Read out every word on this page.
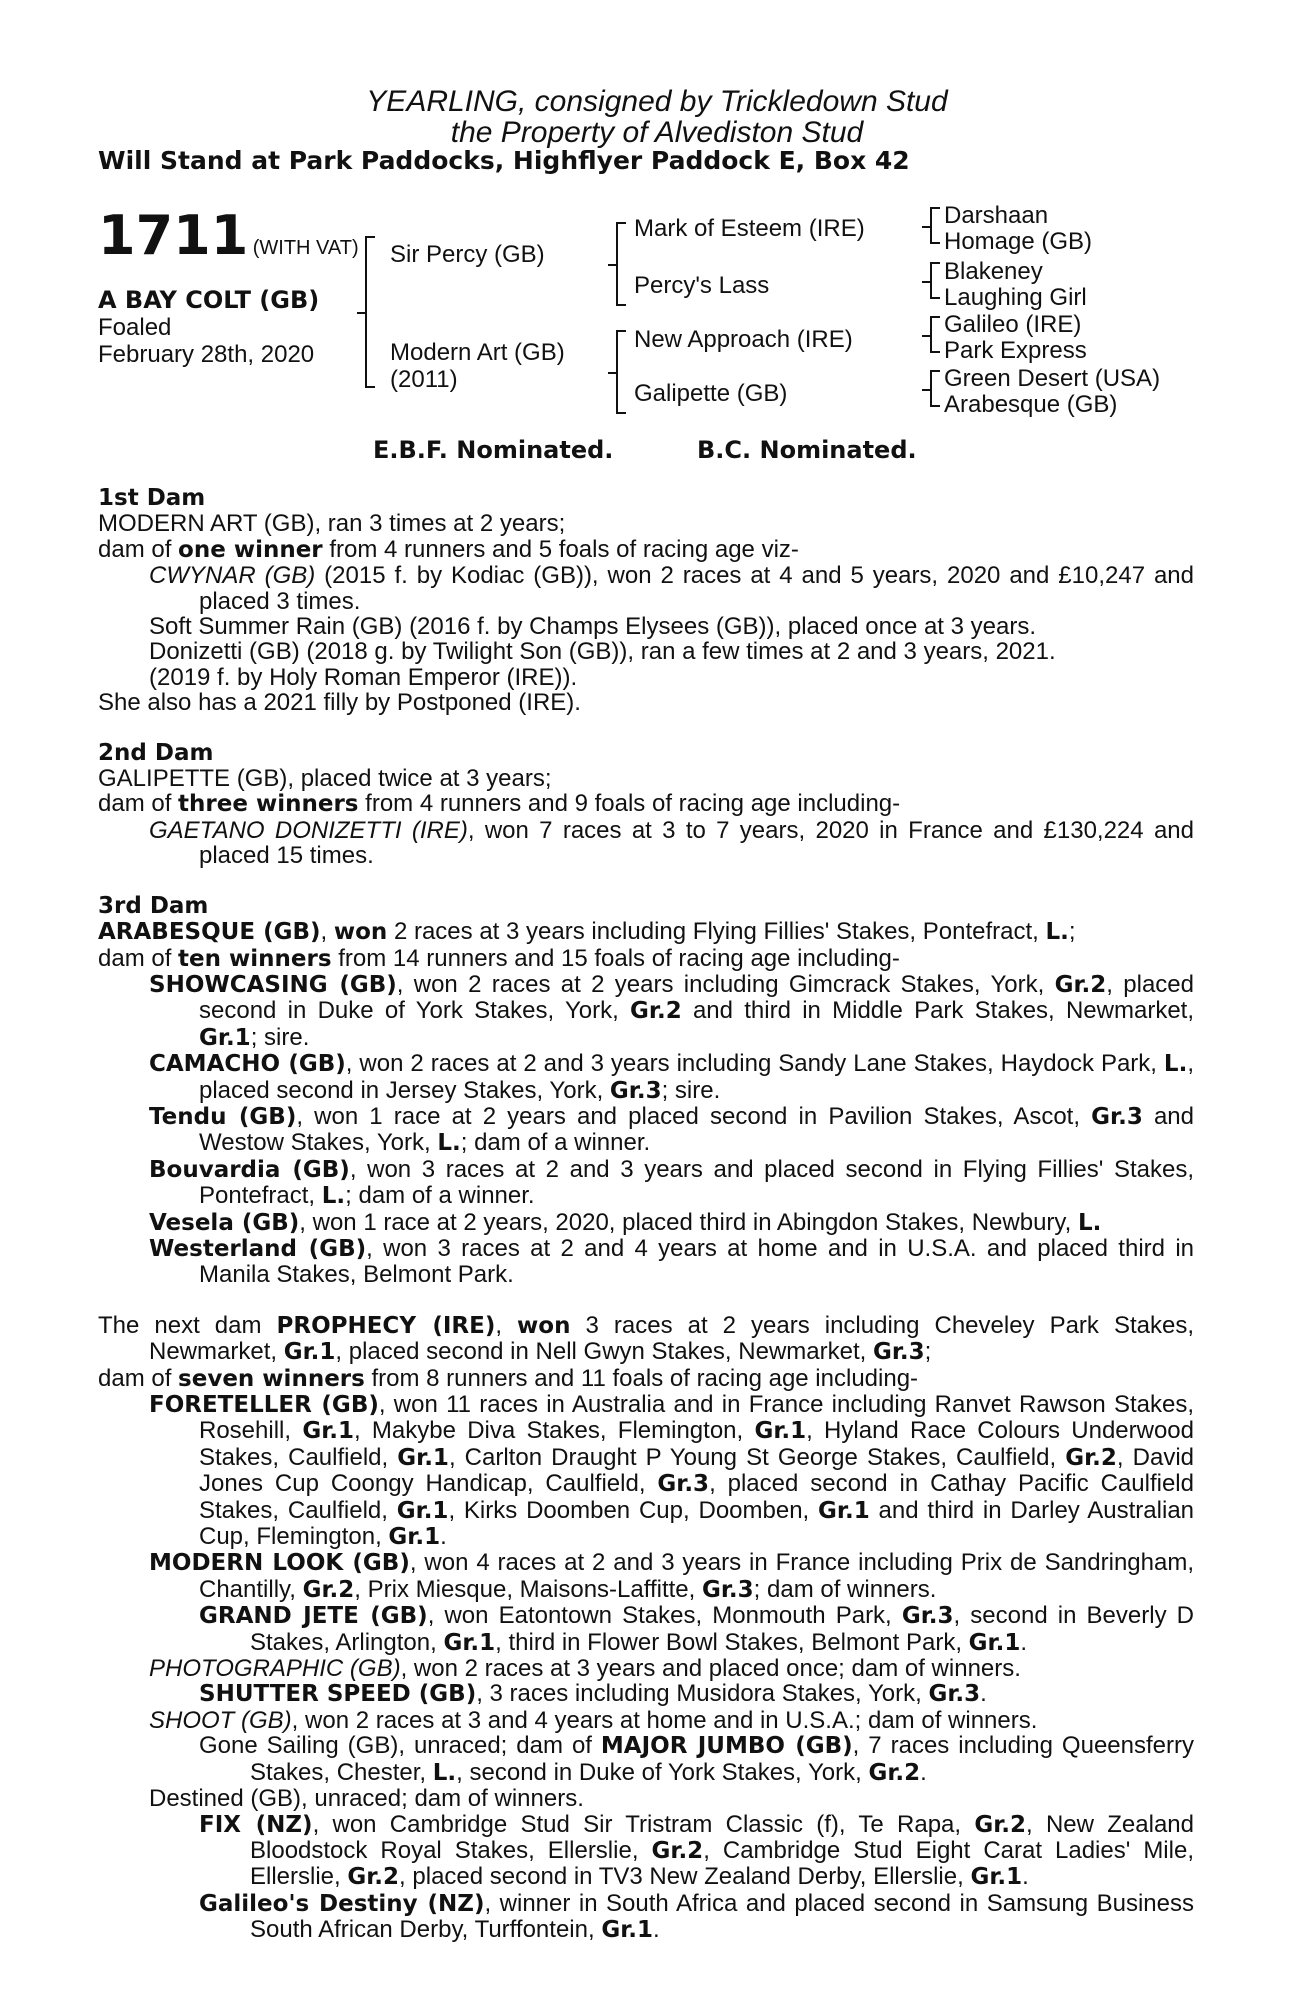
YEARLING, consigned by Trickledown Stud
the Property of Alvediston Stud
Will Stand at Park Paddocks, Highflyer Paddock E, Box 42
1711 (WITH VAT)
A BAY COLT (GB)
Foaled
February 28th, 2020
Sir Percy (GB)
Modern Art (GB)
(2011)
Mark of Esteem (IRE)
Percy's Lass
New Approach (IRE)
Galipette (GB)
Darshaan
Homage (GB)
Blakeney
Laughing Girl
Galileo (IRE)
Park Express
Green Desert (USA)
Arabesque (GB)
E.B.F. Nominated.	B.C. Nominated.

1st Dam

MODERN ART (GB), ran 3 times at 2 years;

dam of one winner from 4 runners and 5 foals of racing age viz-

CWYNAR (GB) (2015 f. by Kodiac (GB)), won 2 races at 4 and 5 years, 2020 and £10,247 and placed 3 times.

Soft Summer Rain (GB) (2016 f. by Champs Elysees (GB)), placed once at 3 years.

Donizetti (GB) (2018 g. by Twilight Son (GB)), ran a few times at 2 and 3 years, 2021.

(2019 f. by Holy Roman Emperor (IRE)).

She also has a 2021 filly by Postponed (IRE).

2nd Dam

GALIPETTE (GB), placed twice at 3 years;

dam of three winners from 4 runners and 9 foals of racing age including-

GAETANO DONIZETTI (IRE), won 7 races at 3 to 7 years, 2020 in France and £130,224 and placed 15 times.

3rd Dam

ARABESQUE (GB), won 2 races at 3 years including Flying Fillies' Stakes, Pontefract, L.;

dam of ten winners from 14 runners and 15 foals of racing age including-

SHOWCASING (GB), won 2 races at 2 years including Gimcrack Stakes, York, Gr.2, placed second in Duke of York Stakes, York, Gr.2 and third in Middle Park Stakes, Newmarket, Gr.1; sire.

CAMACHO (GB), won 2 races at 2 and 3 years including Sandy Lane Stakes, Haydock Park, L., placed second in Jersey Stakes, York, Gr.3; sire.

Tendu (GB), won 1 race at 2 years and placed second in Pavilion Stakes, Ascot, Gr.3 and Westow Stakes, York, L.; dam of a winner.

Bouvardia (GB), won 3 races at 2 and 3 years and placed second in Flying Fillies' Stakes, Pontefract, L.; dam of a winner.

Vesela (GB), won 1 race at 2 years, 2020, placed third in Abingdon Stakes, Newbury, L.

Westerland (GB), won 3 races at 2 and 4 years at home and in U.S.A. and placed third in Manila Stakes, Belmont Park.

The next dam PROPHECY (IRE), won 3 races at 2 years including Cheveley Park Stakes, Newmarket, Gr.1, placed second in Nell Gwyn Stakes, Newmarket, Gr.3;

dam of seven winners from 8 runners and 11 foals of racing age including-

FORETELLER (GB), won 11 races in Australia and in France including Ranvet Rawson Stakes, Rosehill, Gr.1, Makybe Diva Stakes, Flemington, Gr.1, Hyland Race Colours Underwood Stakes, Caulfield, Gr.1, Carlton Draught P Young St George Stakes, Caulfield, Gr.2, David Jones Cup Coongy Handicap, Caulfield, Gr.3, placed second in Cathay Pacific Caulfield Stakes, Caulfield, Gr.1, Kirks Doomben Cup, Doomben, Gr.1 and third in Darley Australian Cup, Flemington, Gr.1.

MODERN LOOK (GB), won 4 races at 2 and 3 years in France including Prix de Sandringham, Chantilly, Gr.2, Prix Miesque, Maisons-Laffitte, Gr.3; dam of winners.

GRAND JETE (GB), won Eatontown Stakes, Monmouth Park, Gr.3, second in Beverly D Stakes, Arlington, Gr.1, third in Flower Bowl Stakes, Belmont Park, Gr.1.

PHOTOGRAPHIC (GB), won 2 races at 3 years and placed once; dam of winners.

SHUTTER SPEED (GB), 3 races including Musidora Stakes, York, Gr.3.

SHOOT (GB), won 2 races at 3 and 4 years at home and in U.S.A.; dam of winners.

Gone Sailing (GB), unraced; dam of MAJOR JUMBO (GB), 7 races including Queensferry Stakes, Chester, L., second in Duke of York Stakes, York, Gr.2.

Destined (GB), unraced; dam of winners.

FIX (NZ), won Cambridge Stud Sir Tristram Classic (f), Te Rapa, Gr.2, New Zealand Bloodstock Royal Stakes, Ellerslie, Gr.2, Cambridge Stud Eight Carat Ladies' Mile, Ellerslie, Gr.2, placed second in TV3 New Zealand Derby, Ellerslie, Gr.1.

Galileo's Destiny (NZ), winner in South Africa and placed second in Samsung Business South African Derby, Turffontein, Gr.1.
